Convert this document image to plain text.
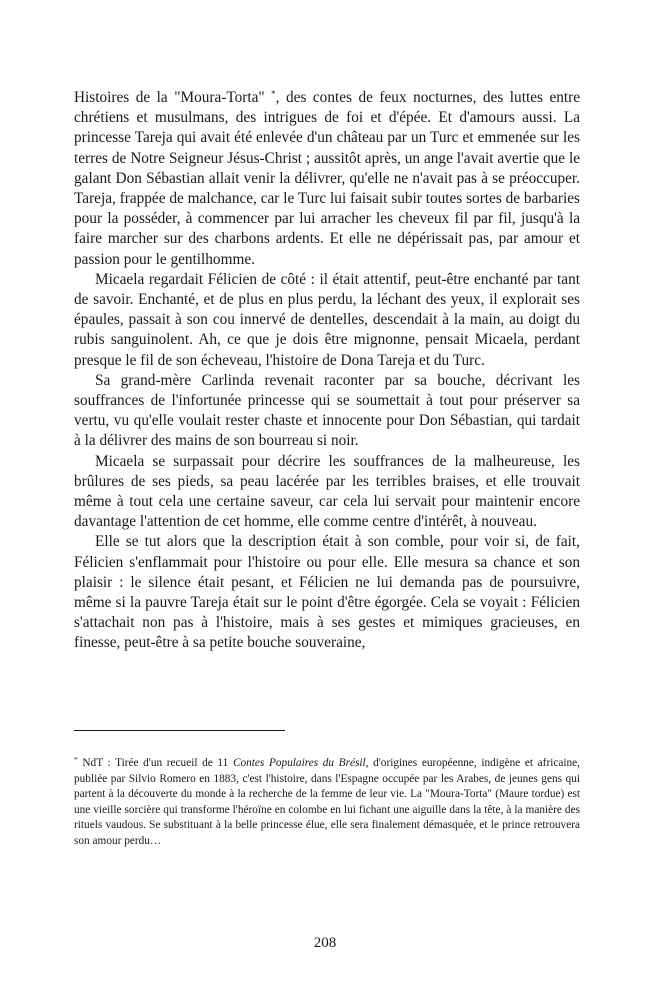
Histoires de la "Moura-Torta" *, des contes de feux nocturnes, des luttes entre chrétiens et musulmans, des intrigues de foi et d'épée. Et d'amours aussi. La princesse Tareja qui avait été enlevée d'un château par un Turc et emmenée sur les terres de Notre Seigneur Jésus-Christ ; aussitôt après, un ange l'avait avertie que le galant Don Sébastian allait venir la délivrer, qu'elle ne n'avait pas à se préoccuper. Tareja, frappée de malchance, car le Turc lui faisait subir toutes sortes de barbaries pour la posséder, à commencer par lui arracher les cheveux fil par fil, jusqu'à la faire marcher sur des charbons ardents. Et elle ne dépérissait pas, par amour et passion pour le gentilhomme.

Micaela regardait Félicien de côté : il était attentif, peut-être enchanté par tant de savoir. Enchanté, et de plus en plus perdu, la léchant des yeux, il explorait ses épaules, passait à son cou innervé de dentelles, descendait à la main, au doigt du rubis sanguinolent. Ah, ce que je dois être mignonne, pensait Micaela, perdant presque le fil de son écheveau, l'histoire de Dona Tareja et du Turc.

Sa grand-mère Carlinda revenait raconter par sa bouche, décrivant les souffrances de l'infortunée princesse qui se soumettait à tout pour préserver sa vertu, vu qu'elle voulait rester chaste et innocente pour Don Sébastian, qui tardait à la délivrer des mains de son bourreau si noir.

Micaela se surpassait pour décrire les souffrances de la malheureuse, les brûlures de ses pieds, sa peau lacérée par les terribles braises, et elle trouvait même à tout cela une certaine saveur, car cela lui servait pour maintenir encore davantage l'attention de cet homme, elle comme centre d'intérêt, à nouveau.

Elle se tut alors que la description était à son comble, pour voir si, de fait, Félicien s'enflammait pour l'histoire ou pour elle. Elle mesura sa chance et son plaisir : le silence était pesant, et Félicien ne lui demanda pas de poursuivre, même si la pauvre Tareja était sur le point d'être égorgée. Cela se voyait : Félicien s'attachait non pas à l'histoire, mais à ses gestes et mimiques gracieuses, en finesse, peut-être à sa petite bouche souveraine,

* NdT : Tirée d'un recueil de 11 Contes Populaires du Brésil, d'origines européenne, indigène et africaine, publiée par Silvio Romero en 1883, c'est l'histoire, dans l'Espagne occupée par les Arabes, de jeunes gens qui partent à la découverte du monde à la recherche de la femme de leur vie. La "Moura-Torta" (Maure tordue) est une vieille sorcière qui transforme l'héroïne en colombe en lui fichant une aiguille dans la tête, à la manière des rituels vaudous. Se substituant à la belle princesse élue, elle sera finalement démasquée, et le prince retrouvera son amour perdu…

208
